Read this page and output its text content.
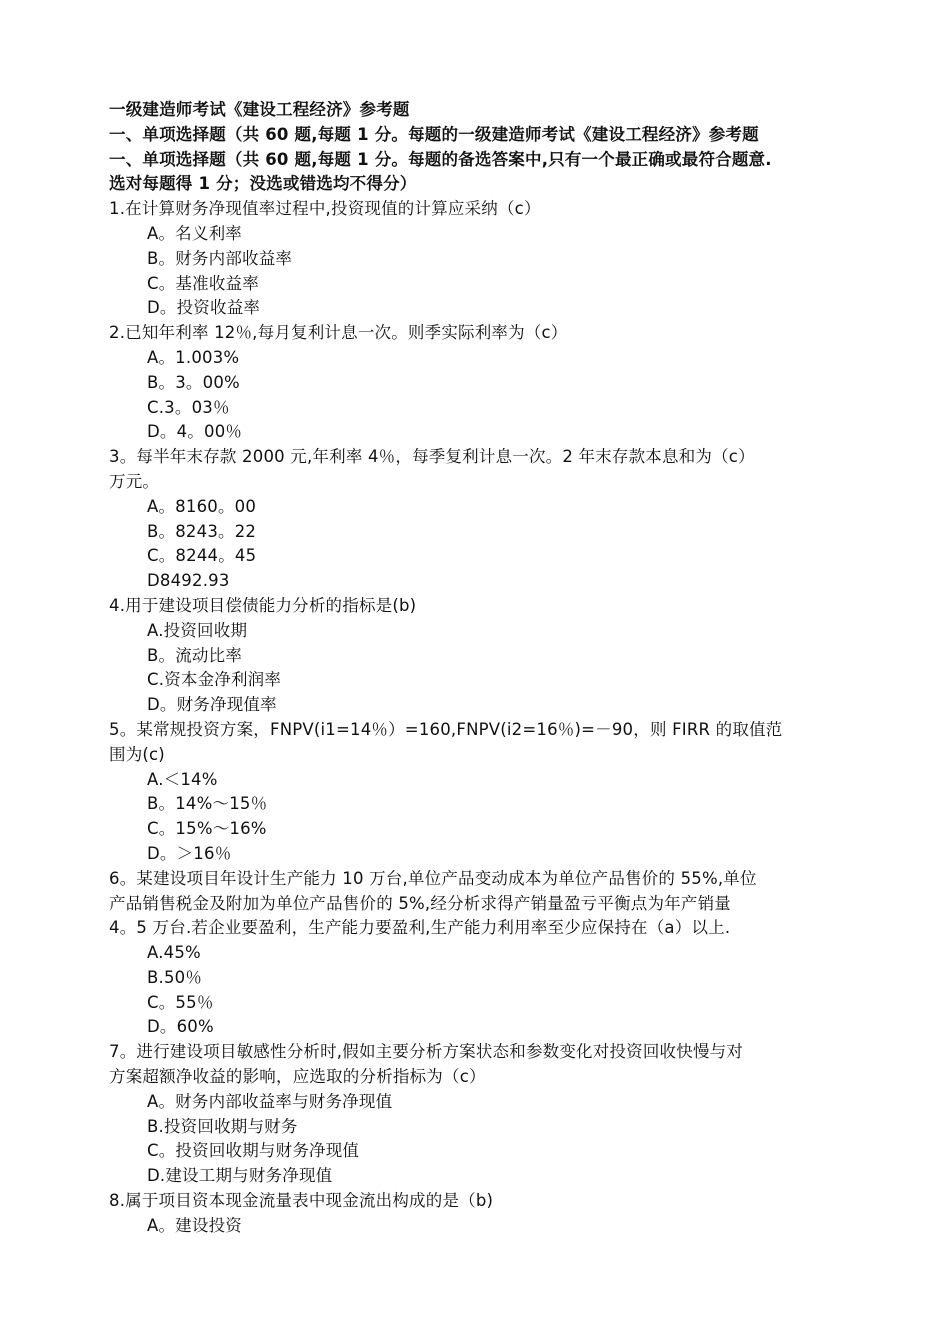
一级建造师考试《建设工程经济》参考题
一、单项选择题（共 60 题,每题 1 分。每题的一级建造师考试《建设工程经济》参考题
一、单项选择题（共 60 题,每题 1 分。每题的备选答案中,只有一个最正确或最符合题意.
选对每题得 1 分；没选或错选均不得分）
1.在计算财务净现值率过程中,投资现值的计算应采纳（c）
A。名义利率
B。财务内部收益率
C。基准收益率
D。投资收益率
2.已知年利率 12％,每月复利计息一次。则季实际利率为（c）
A。1.003%
B。3。00%
C.3。03％
D。4。00％
3。每半年末存款 2000 元,年利率 4％，每季复利计息一次。2 年末存款本息和为（c）
万元。
A。8160。00
B。8243。22
C。8244。45
D8492.93
4.用于建设项目偿债能力分析的指标是(b)
A.投资回收期
B。流动比率
C.资本金净利润率
D。财务净现值率
5。某常规投资方案，FNPV(i1=14％）=160,FNPV(i2=16％)=－90，则 FIRR 的取值范
围为(c)
A.＜14%
B。14%～15％
C。15%～16%
D。＞16％
6。某建设项目年设计生产能力 10 万台,单位产品变动成本为单位产品售价的 55%,单位
产品销售税金及附加为单位产品售价的 5%,经分析求得产销量盈亏平衡点为年产销量
4。5 万台.若企业要盈利，生产能力要盈利,生产能力利用率至少应保持在（a）以上.
A.45%
B.50％
C。55％
D。60%
7。进行建设项目敏感性分析时,假如主要分析方案状态和参数变化对投资回收快慢与对
方案超额净收益的影响，应选取的分析指标为（c）
A。财务内部收益率与财务净现值
B.投资回收期与财务
C。投资回收期与财务净现值
D.建设工期与财务净现值
8.属于项目资本现金流量表中现金流出构成的是（b)
A。建设投资
